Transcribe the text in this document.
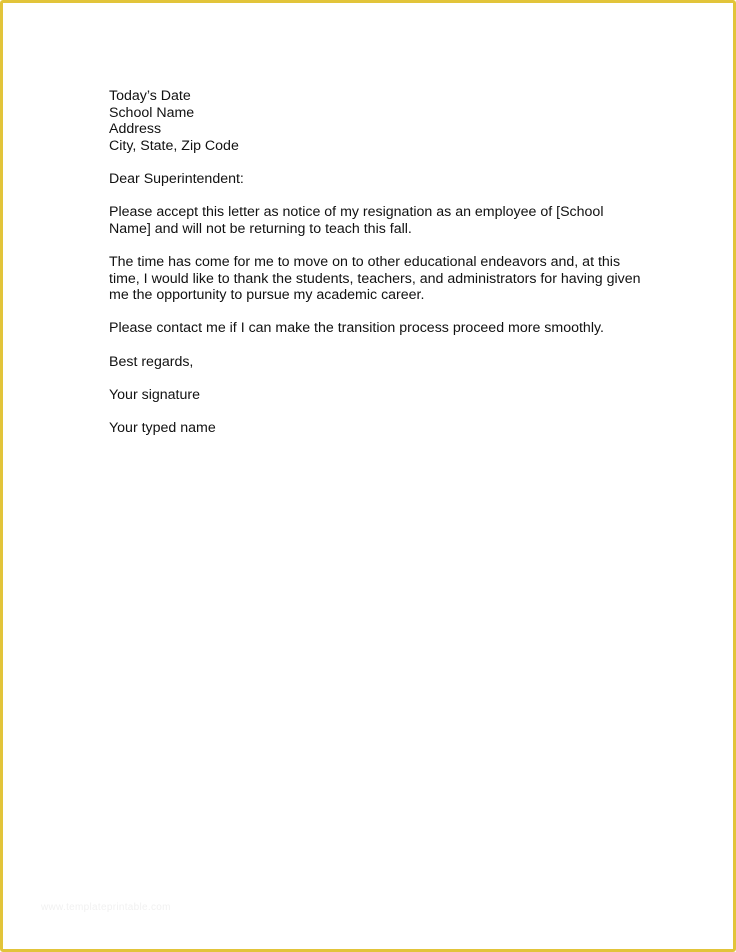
Today’s Date

School Name

Address

City, State, Zip Code

Dear Superintendent:

Please accept this letter as notice of my resignation as an employee of [School Name] and will not be returning to teach this fall.

The time has come for me to move on to other educational endeavors and, at this time, I would like to thank the students, teachers, and administrators for having given me the opportunity to pursue my academic career.

Please contact me if I can make the transition process proceed more smoothly.

Best regards,

Your signature

Your typed name

www.templateprintable.com
